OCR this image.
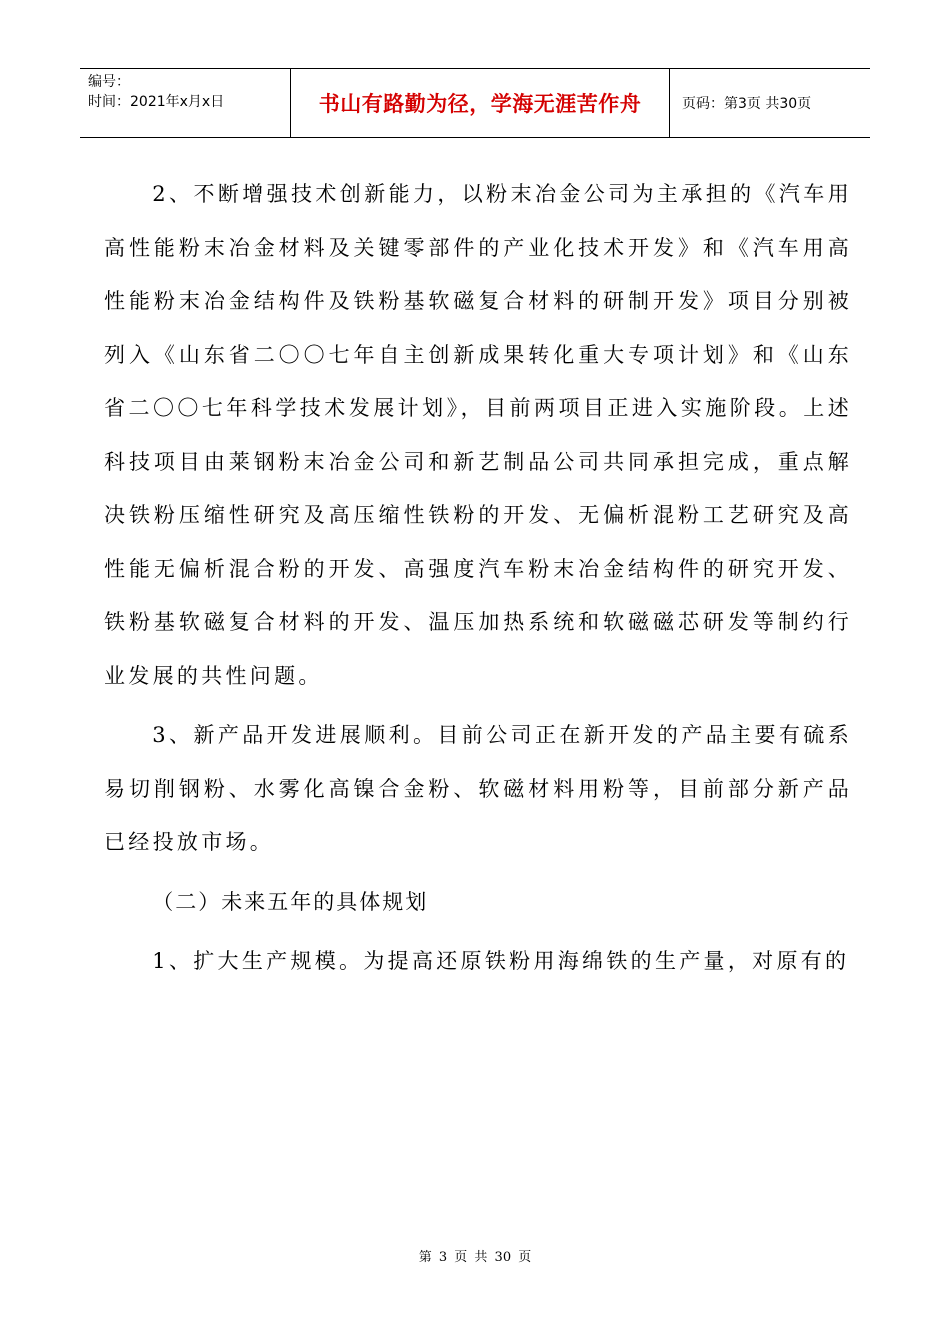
编号：
时间：2021年x月x日	书山有路勤为径，学海无涯苦作舟	页码：第3页 共30页

2、不断增强技术创新能力，以粉末冶金公司为主承担的《汽车用高性能粉末冶金材料及关键零部件的产业化技术开发》和《汽车用高性能粉末冶金结构件及铁粉基软磁复合材料的研制开发》项目分别被列入《山东省二〇〇七年自主创新成果转化重大专项计划》和《山东省二〇〇七年科学技术发展计划》，目前两项目正进入实施阶段。上述科技项目由莱钢粉末冶金公司和新艺制品公司共同承担完成，重点解决铁粉压缩性研究及高压缩性铁粉的开发、无偏析混粉工艺研究及高性能无偏析混合粉的开发、高强度汽车粉末冶金结构件的研究开发、铁粉基软磁复合材料的开发、温压加热系统和软磁磁芯研发等制约行业发展的共性问题。

3、新产品开发进展顺利。目前公司正在新开发的产品主要有硫系易切削钢粉、水雾化高镍合金粉、软磁材料用粉等，目前部分新产品已经投放市场。

（二）未来五年的具体规划

1、扩大生产规模。为提高还原铁粉用海绵铁的生产量，对原有的

第 3 页 共 30 页
